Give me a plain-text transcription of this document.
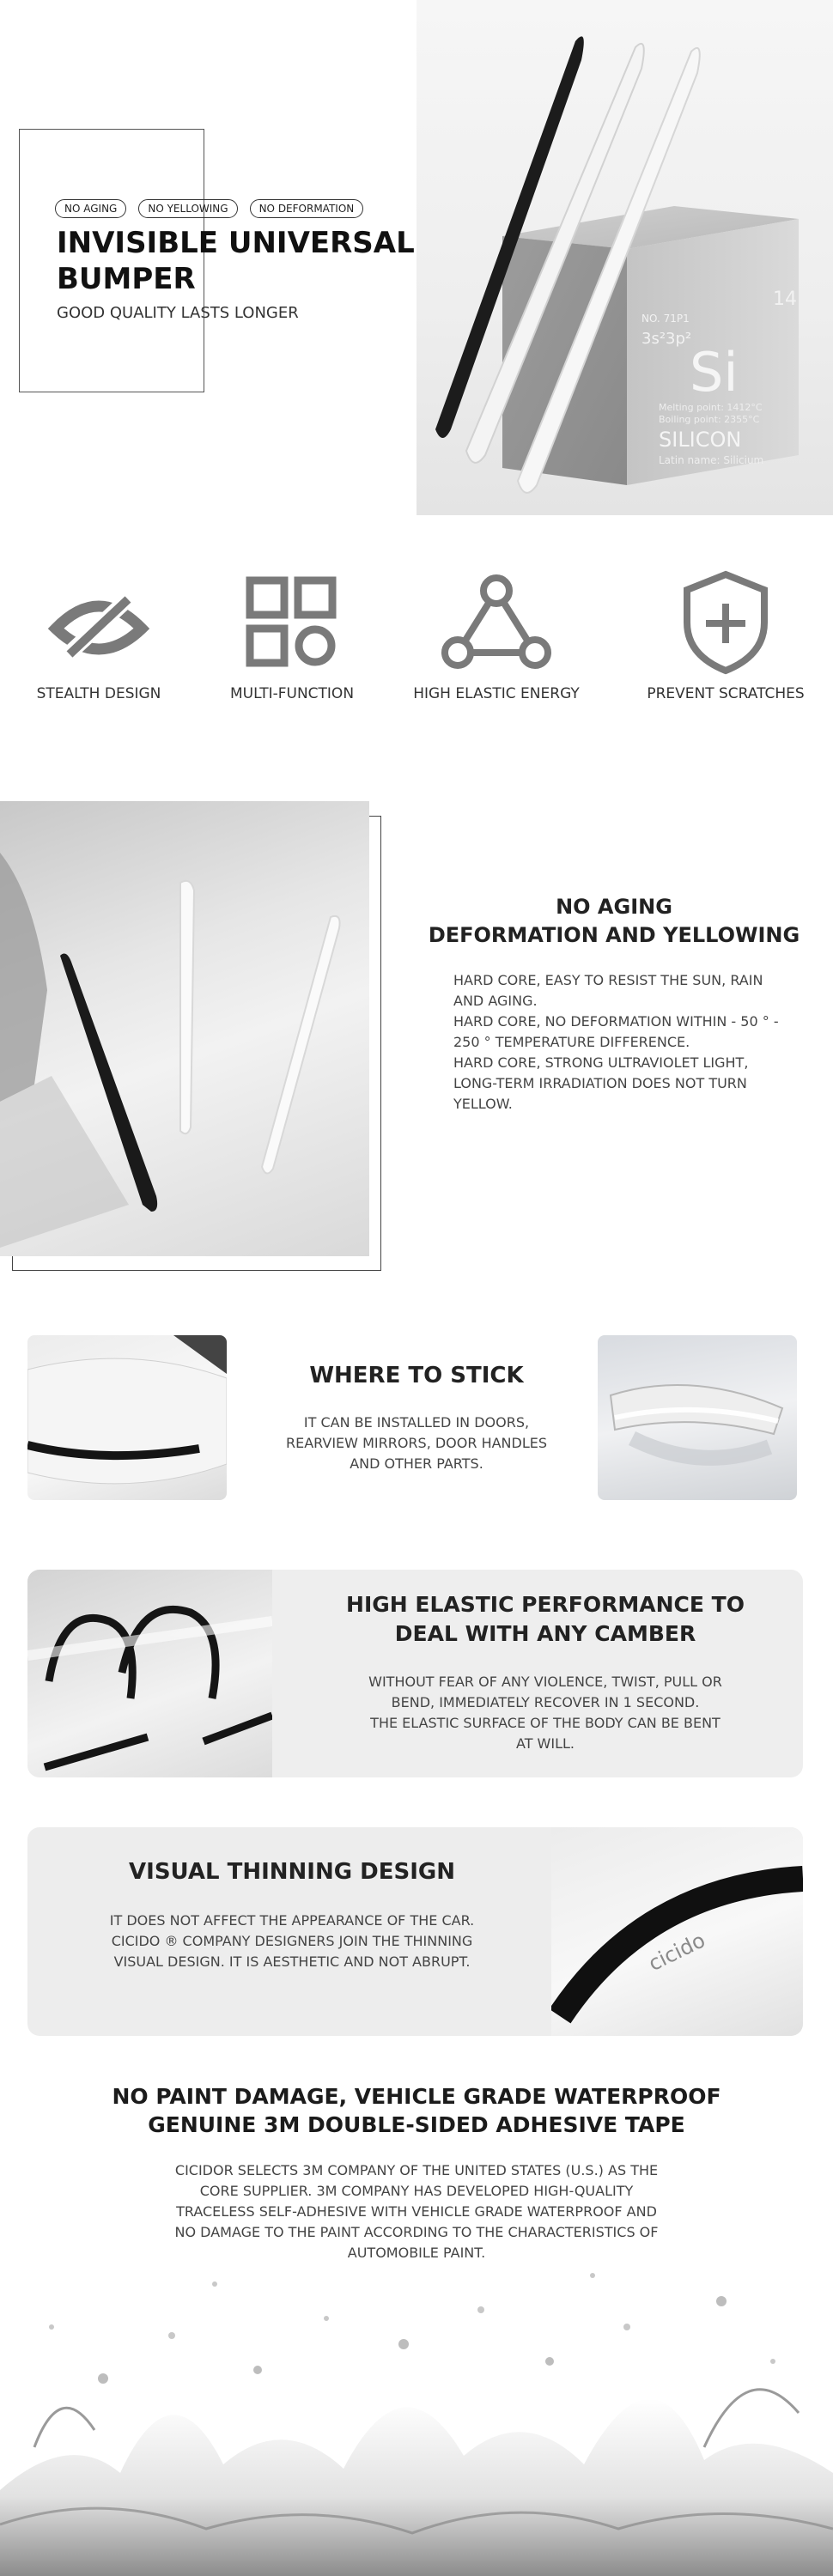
NO AGING	NO YELLOWING	NO DEFORMATION
INVISIBLE UNIVERSAL
BUMPER
GOOD QUALITY LASTS LONGER
14
NO. 71P1
3s²3p²
Si
Melting point: 1412°C
Boiling point: 2355°C
SILICON
Latin name: Silicium
STEALTH DESIGN	MULTI-FUNCTION	HIGH ELASTIC ENERGY	PREVENT SCRATCHES
NO AGING
DEFORMATION AND YELLOWING
HARD CORE, EASY TO RESIST THE SUN, RAIN AND AGING.
HARD CORE, NO DEFORMATION WITHIN - 50 ° - 250 ° TEMPERATURE DIFFERENCE.
HARD CORE, STRONG ULTRAVIOLET LIGHT, LONG-TERM IRRADIATION DOES NOT TURN YELLOW.
WHERE TO STICK
IT CAN BE INSTALLED IN DOORS,
REARVIEW MIRRORS, DOOR HANDLES
AND OTHER PARTS.
HIGH ELASTIC PERFORMANCE TO
DEAL WITH ANY CAMBER
WITHOUT FEAR OF ANY VIOLENCE, TWIST, PULL OR
BEND, IMMEDIATELY RECOVER IN 1 SECOND.
THE ELASTIC SURFACE OF THE BODY CAN BE BENT
AT WILL.
cicido
VISUAL THINNING DESIGN
IT DOES NOT AFFECT THE APPEARANCE OF THE CAR.
CICIDO ® COMPANY DESIGNERS JOIN THE THINNING
VISUAL DESIGN. IT IS AESTHETIC AND NOT ABRUPT.
NO PAINT DAMAGE, VEHICLE GRADE WATERPROOF
GENUINE 3M DOUBLE-SIDED ADHESIVE TAPE
CICIDOR SELECTS 3M COMPANY OF THE UNITED STATES (U.S.) AS THE
CORE SUPPLIER. 3M COMPANY HAS DEVELOPED HIGH-QUALITY
TRACELESS SELF-ADHESIVE WITH VEHICLE GRADE WATERPROOF AND
NO DAMAGE TO THE PAINT ACCORDING TO THE CHARACTERISTICS OF
AUTOMOBILE PAINT.
